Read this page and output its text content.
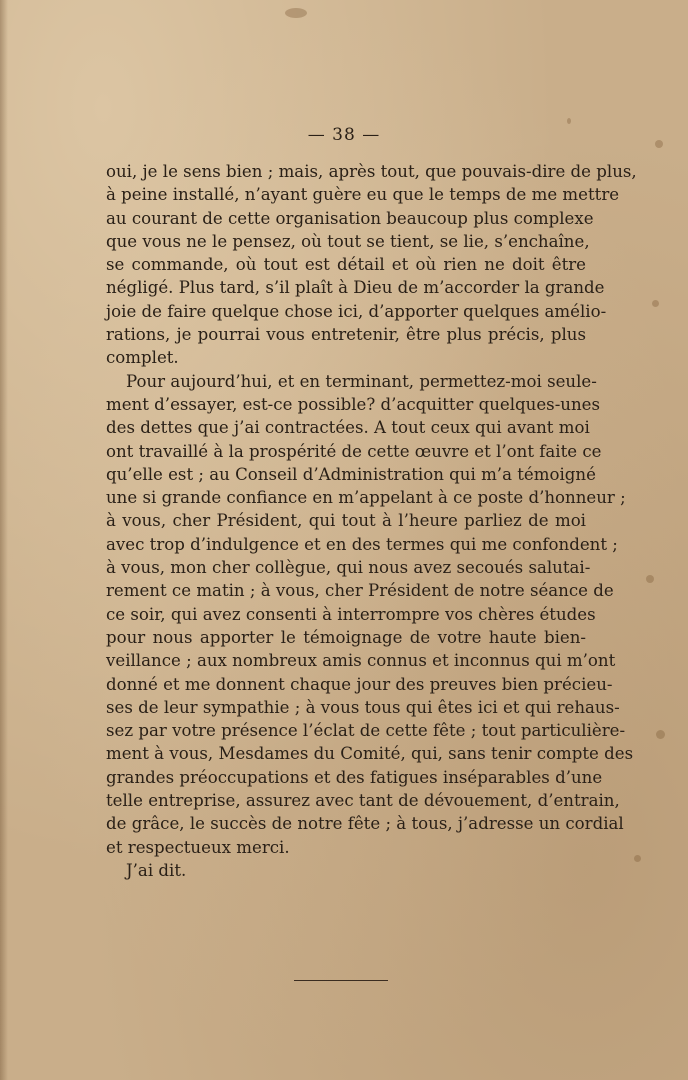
— 38 —
oui, je le sens bien ; mais, après tout, que pouvais-dire de plus,
à peine installé, n’ayant guère eu que le temps de me mettre
au courant de cette organisation beaucoup plus complexe
que vous ne le pensez, où tout se tient, se lie, s’enchaîne,
se commande, où tout est détail et où rien ne doit être
négligé. Plus tard, s’il plaît à Dieu de m’accorder la grande
joie de faire quelque chose ici, d’apporter quelques amélio-
rations, je pourrai vous entretenir, être plus précis, plus
complet.
Pour aujourd’hui, et en terminant, permettez-moi seule-
ment d’essayer, est-ce possible? d’acquitter quelques-unes
des dettes que j’ai contractées. A tout ceux qui avant moi
ont travaillé à la prospérité de cette œuvre et l’ont faite ce
qu’elle est ; au Conseil d’Administration qui m’a témoigné
une si grande confiance en m’appelant à ce poste d’honneur ;
à vous, cher Président, qui tout à l’heure parliez de moi
avec trop d’indulgence et en des termes qui me confondent ;
à vous, mon cher collègue, qui nous avez secoués salutai-
rement ce matin ; à vous, cher Président de notre séance de
ce soir, qui avez consenti à interrompre vos chères études
pour nous apporter le témoignage de votre haute bien-
veillance ; aux nombreux amis connus et inconnus qui m’ont
donné et me donnent chaque jour des preuves bien précieu-
ses de leur sympathie ; à vous tous qui êtes ici et qui rehaus-
sez par votre présence l’éclat de cette fête ; tout particulière-
ment à vous, Mesdames du Comité, qui, sans tenir compte des
grandes préoccupations et des fatigues inséparables d’une
telle entreprise, assurez avec tant de dévouement, d’entrain,
de grâce, le succès de notre fête ; à tous, j’adresse un cordial
et respectueux merci.
J’ai dit.
